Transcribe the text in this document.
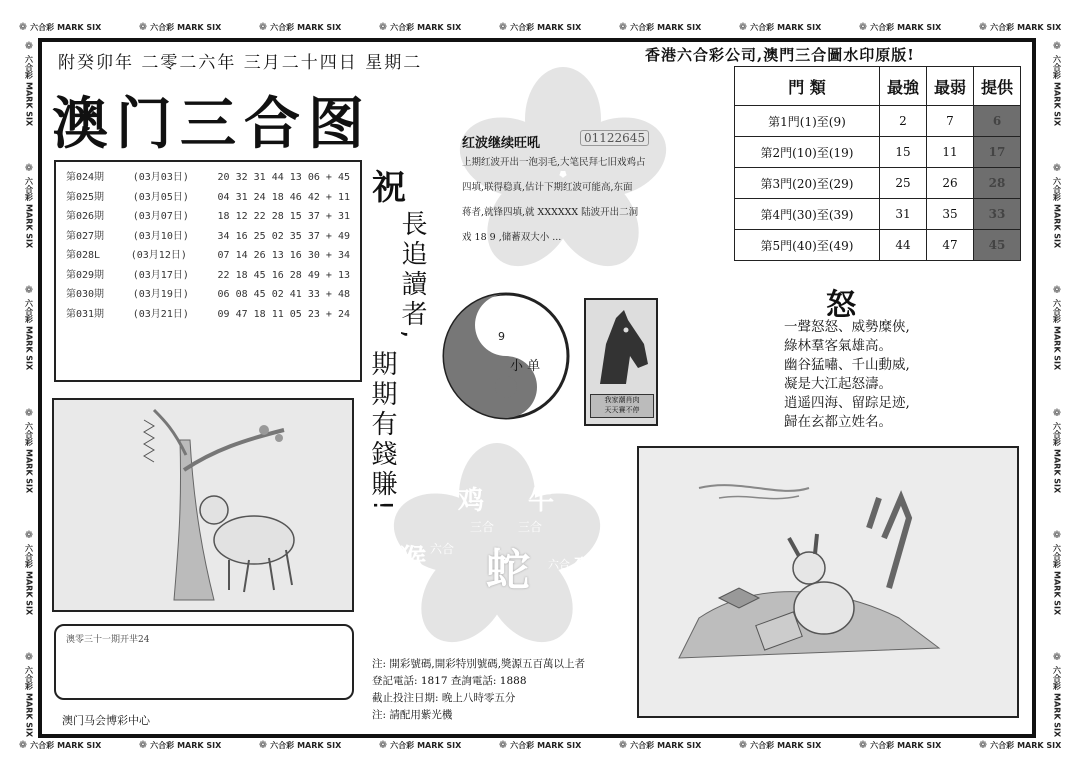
❁ 六合彩 MARK SIX	❁ 六合彩 MARK SIX	❁ 六合彩 MARK SIX	❁ 六合彩 MARK SIX	❁ 六合彩 MARK SIX	❁ 六合彩 MARK SIX	❁ 六合彩 MARK SIX	❁ 六合彩 MARK SIX	❁ 六合彩 MARK SIX
❁ 六合彩 MARK SIX	❁ 六合彩 MARK SIX	❁ 六合彩 MARK SIX	❁ 六合彩 MARK SIX	❁ 六合彩 MARK SIX	❁ 六合彩 MARK SIX	❁ 六合彩 MARK SIX	❁ 六合彩 MARK SIX	❁ 六合彩 MARK SIX
❁
六合彩
MARK SIX
❁
六合彩
MARK SIX
❁
六合彩
MARK SIX
❁
六合彩
MARK SIX
❁
六合彩
MARK SIX
❁
六合彩
MARK SIX
❁
六合彩
MARK SIX
❁
六合彩
MARK SIX
❁
六合彩
MARK SIX
❁
六合彩
MARK SIX
❁
六合彩
MARK SIX
❁
六合彩
MARK SIX
鸡 牛
猴 蛇 豬
三合 三合
六合
六合
附癸卯年 二零二六年 三月二十四日 星期二	香港六合彩公司,澳門三合圖水印原版!
澳门三合图
第024期	(03月03日)	20 32 31 44 13 06 + 45
第025期	(03月05日)	04 31 24 18 46 42 + 11
第026期	(03月07日)	18 12 22 28 15 37 + 31
第027期	(03月10日)	34 16 25 02 35 37 + 49
第028L	(03月12日)	07 14 26 13 16 30 + 34
第029期	(03月17日)	22 18 45 16 28 49 + 13
第030期	(03月19日)	06 08 45 02 41 33 + 48
第031期	(03月21日)	09 47 18 11 05 23 + 24
祝
長追讀者,
期期有錢賺!
红波继续旺吼	01122645
上期红波开出一泡羽毛,大笔民拜七旧戏鸡占
四填,联得稳真,估计下期红波可能高,东面
蒋者,就锋四填,就 XXXXXX 陆波开出二洞
戏 18 9 ,储蓄双大小 ...
門 類	最強	最弱	提供
第1門(1)至(9)	2	7	6
第2門(10)至(19)	15	11	17
第3門(20)至(29)	25	26	28
第4門(30)至(39)	31	35	33
第5門(40)至(49)	44	47	45
3
9
小 单
我家潮肖肉
天天賽不停
怒
一聲怒怒、威勢糜俠,
綠林羣客氣雄高。
幽谷猛嘯、千山動威,
凝是大江起怒濤。
逍遥四海、留踪足迹,
歸在玄都立姓名。
澳零三十一期开芈24
澳门马会博彩中心
注: 開彩號碼,開彩特別號碼,獎源五百萬以上者
登記電話: 1817 查詢電話: 1888
截止投注日期: 晚上八時零五分
注: 請配用紫光機
